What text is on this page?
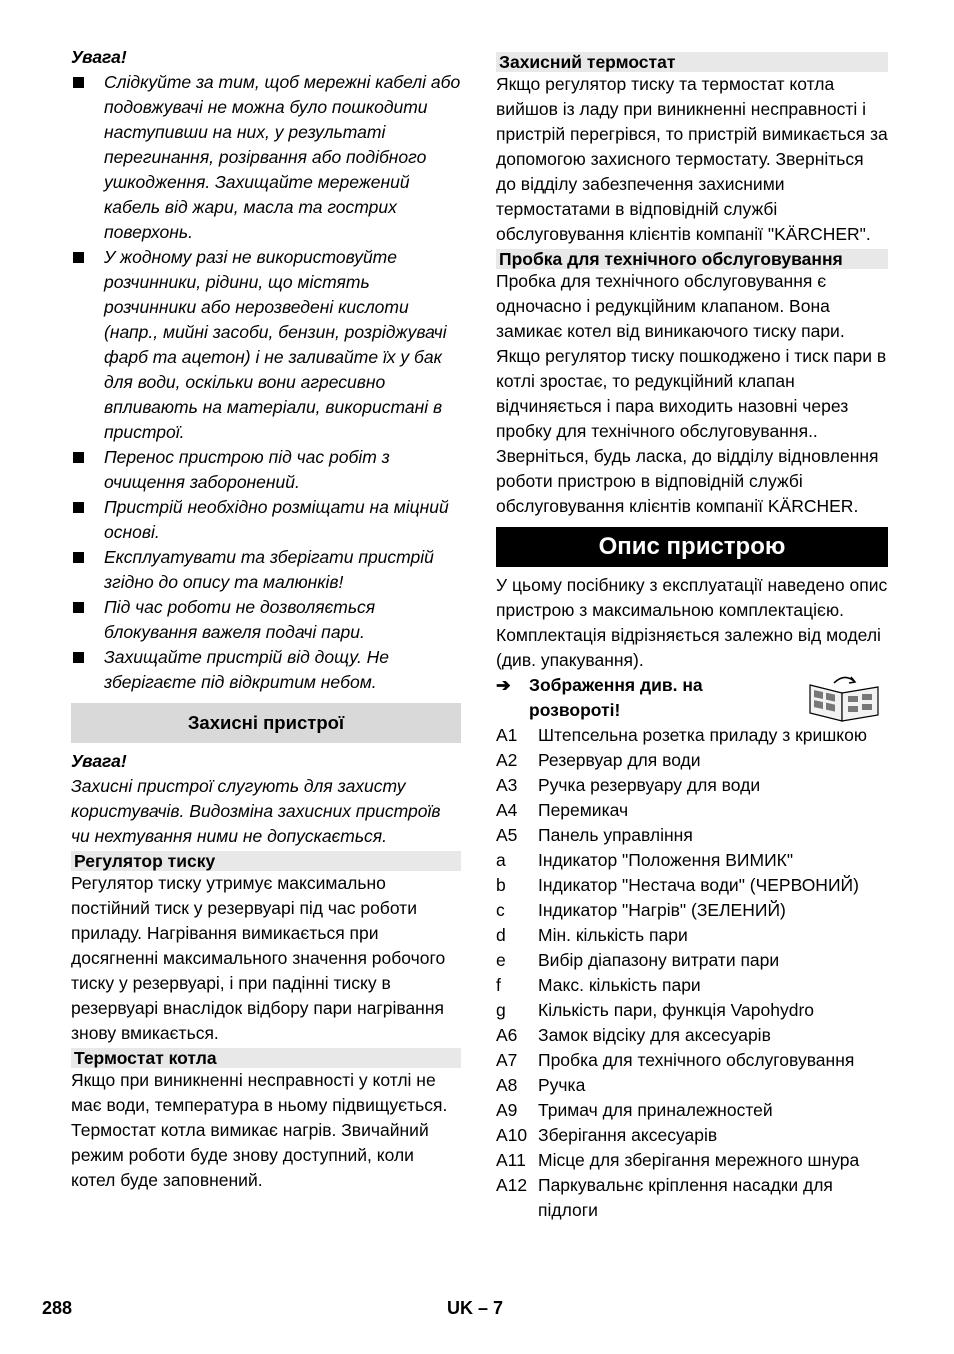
Увага!

Слідкуйте за тим, щоб мережні кабелі або подовжувачі не можна було пошкодити наступивши на них, у результаті перегинання, розірвання або подібного ушкодження. Захищайте мережений кабель від жари, масла та гострих поверхонь.
У жодному разі не використовуйте розчинники, рідини, що містять розчинники або нерозведені кислоти (напр., мийні засоби, бензин, розріджувачі фарб та ацетон) і не заливайте їх у бак для води, оскільки вони агресивно впливають на матеріали, використані в пристрої.
Перенос пристрою під час робіт з очищення заборонений.
Пристрій необхідно розміщати на міцний основі.
Експлуатувати та зберігати пристрій згідно до опису та малюнків!
Під час роботи не дозволяється блокування важеля подачі пари.
Захищайте пристрій від дощу. Не зберігаєте під відкритим небом.
Захисні пристрої

Увага!

Захисні пристрої слугують для захисту користувачів. Видозміна захисних пристроїв чи нехтування ними не допускається.

Регулятор тиску

Регулятор тиску утримує максимально постійний тиск у резервуарі під час роботи приладу. Нагрівання вимикається при досягненні максимального значення робочого тиску у резервуарі, і при падінні тиску в резервуарі внаслідок відбору пари нагрівання знову вмикається.

Термостат котла

Якщо при виникненні несправності у котлі не має води, температура в ньому підвищується. Термостат котла вимикає нагрів. Звичайний режим роботи буде знову доступний, коли котел буде заповнений.

Захисний термостат

Якщо регулятор тиску та термостат котла вийшов із ладу при виникненні несправності і пристрій перегрівся, то пристрій вимикається за допомогою захисного термостату. Зверніться до відділу забезпечення захисними термостатами в відповідній службі обслуговування клієнтів компанії "KÄRCHER".

Пробка для технічного обслуговування

Пробка для технічного обслуговування є одночасно і редукційним клапаном. Вона замикає котел від виникаючого тиску пари. Якщо регулятор тиску пошкоджено і тиск пари в котлі зростає, то редукційний клапан відчиняється і пара виходить назовні через пробку для технічного обслуговування.. Зверніться, будь ласка, до відділу відновлення роботи пристрою в відповідній службі обслуговування клієнтів компанії KÄRCHER.

Опис пристрою

У цьому посібнику з експлуатації наведено опис пристрою з максимальною комплектацією. Комплектація відрізняється залежно від моделі (див. упакування).

➔ Зображення див. на розвороті!
A1	Штепсельна розетка приладу з кришкою
A2	Резервуар для води
A3	Ручка резервуару для води
A4	Перемикач
A5	Панель управління
a	Індикатор "Положення ВИМИК"
b	Індикатор "Нестача води" (ЧЕРВОНИЙ)
c	Індикатор "Нагрів" (ЗЕЛЕНИЙ)
d	Мін. кількість пари
e	Вибір діапазону витрати пари
f	Макс. кількість пари
g	Кількість пари, функція Vapohydro
A6	Замок відсіку для аксесуарів
A7	Пробка для технічного обслуговування
A8	Ручка
A9	Тримач для приналежностей
A10 Зберігання аксесуарів
A11 Місце для зберігання мережного шнура
A12 Паркувальнє кріплення насадки для підлоги
288	UK – 7
